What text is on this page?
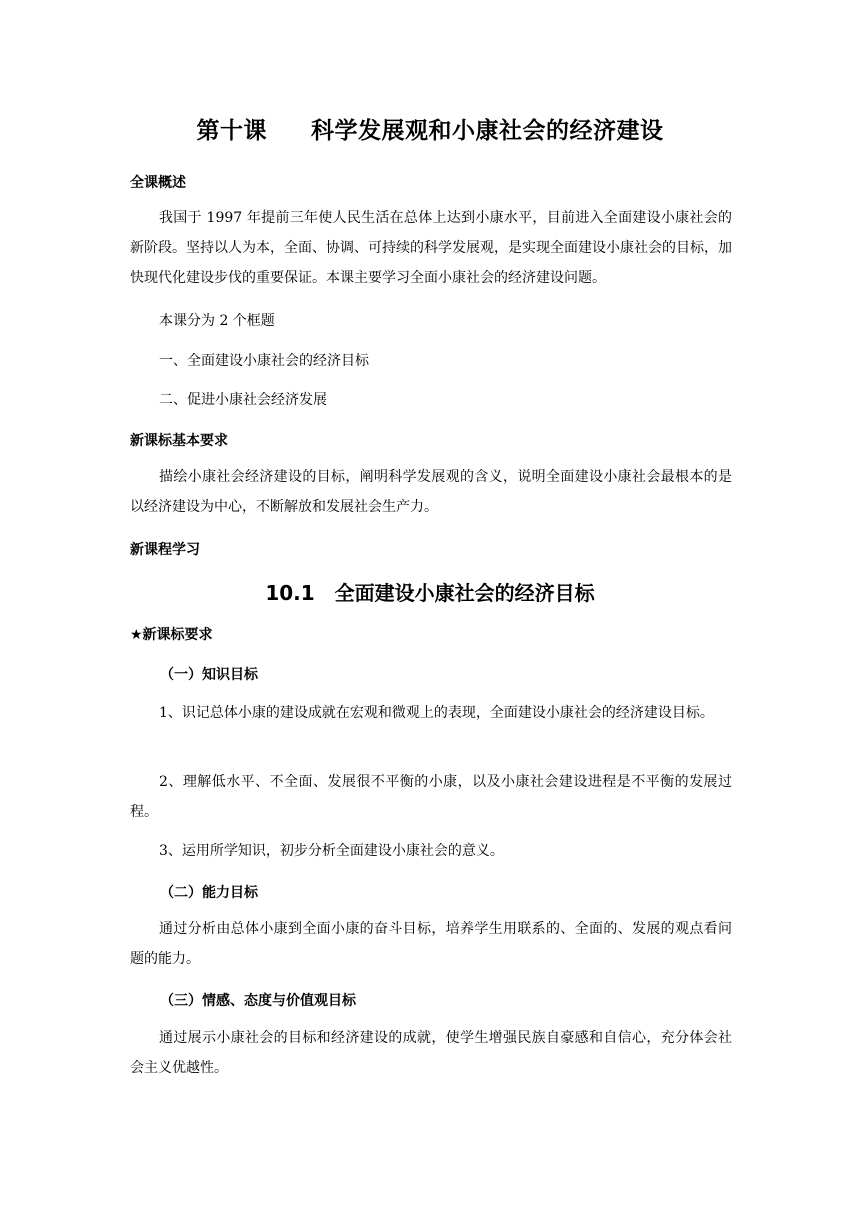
第十课 科学发展观和小康社会的经济建设
全课概述

我国于 1997 年提前三年使人民生活在总体上达到小康水平，目前进入全面建设小康社会的新阶段。坚持以人为本，全面、协调、可持续的科学发展观，是实现全面建设小康社会的目标，加快现代化建设步伐的重要保证。本课主要学习全面小康社会的经济建设问题。

本课分为 2 个框题
一、全面建设小康社会的经济目标
二、促进小康社会经济发展
新课标基本要求

描绘小康社会经济建设的目标，阐明科学发展观的含义，说明全面建设小康社会最根本的是以经济建设为中心，不断解放和发展社会生产力。

新课程学习
10.1 全面建设小康社会的经济目标
★新课标要求
（一）知识目标

1、识记总体小康的建设成就在宏观和微观上的表现，全面建设小康社会的经济建设目标。

2、理解低水平、不全面、发展很不平衡的小康，以及小康社会建设进程是不平衡的发展过程。

3、运用所学知识，初步分析全面建设小康社会的意义。

（二）能力目标

通过分析由总体小康到全面小康的奋斗目标，培养学生用联系的、全面的、发展的观点看问题的能力。

（三）情感、态度与价值观目标

通过展示小康社会的目标和经济建设的成就，使学生增强民族自豪感和自信心，充分体会社会主义优越性。
